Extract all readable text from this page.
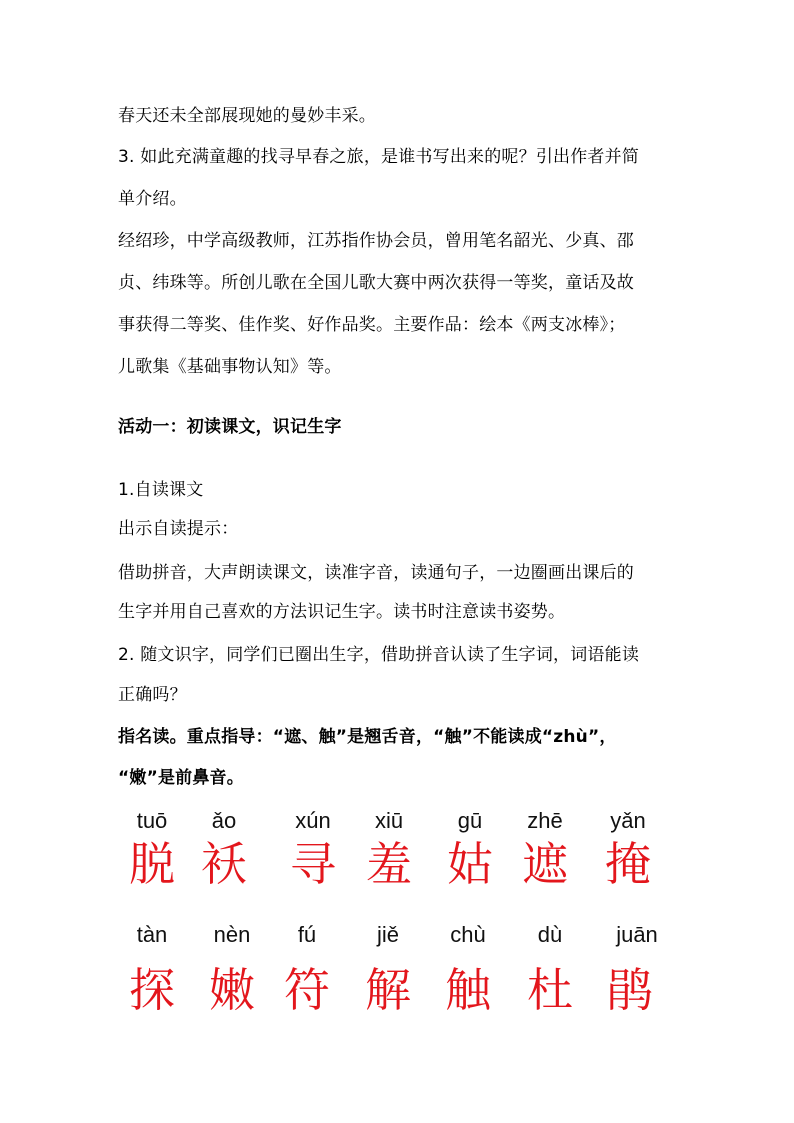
春天还未全部展现她的曼妙丰采。
3. 如此充满童趣的找寻早春之旅，是谁书写出来的呢？引出作者并简
单介绍。
经绍珍，中学高级教师，江苏指作协会员，曾用笔名韶光、少真、邵
贞、纬珠等。所创儿歌在全国儿歌大赛中两次获得一等奖，童话及故
事获得二等奖、佳作奖、好作品奖。主要作品：绘本《两支冰棒》；
儿歌集《基础事物认知》等。
活动一：初读课文，识记生字
1.自读课文
出示自读提示：
借助拼音，大声朗读课文，读准字音，读通句子，一边圈画出课后的
生字并用自己喜欢的方法识记生字。读书时注意读书姿势。
2. 随文识字，同学们已圈出生字，借助拼音认读了生字词，词语能读
正确吗？
指名读。重点指导：“遮、触”是翘舌音，“触”不能读成“zhù”，
“嫩”是前鼻音。
tuō
脱
ǎo
袄
xún
寻
xiū
羞
gū
姑
zhē
遮
yǎn
掩
tàn
探
nèn
嫩
fú
符
jiě
解
chù
触
dù
杜
juān
鹃
